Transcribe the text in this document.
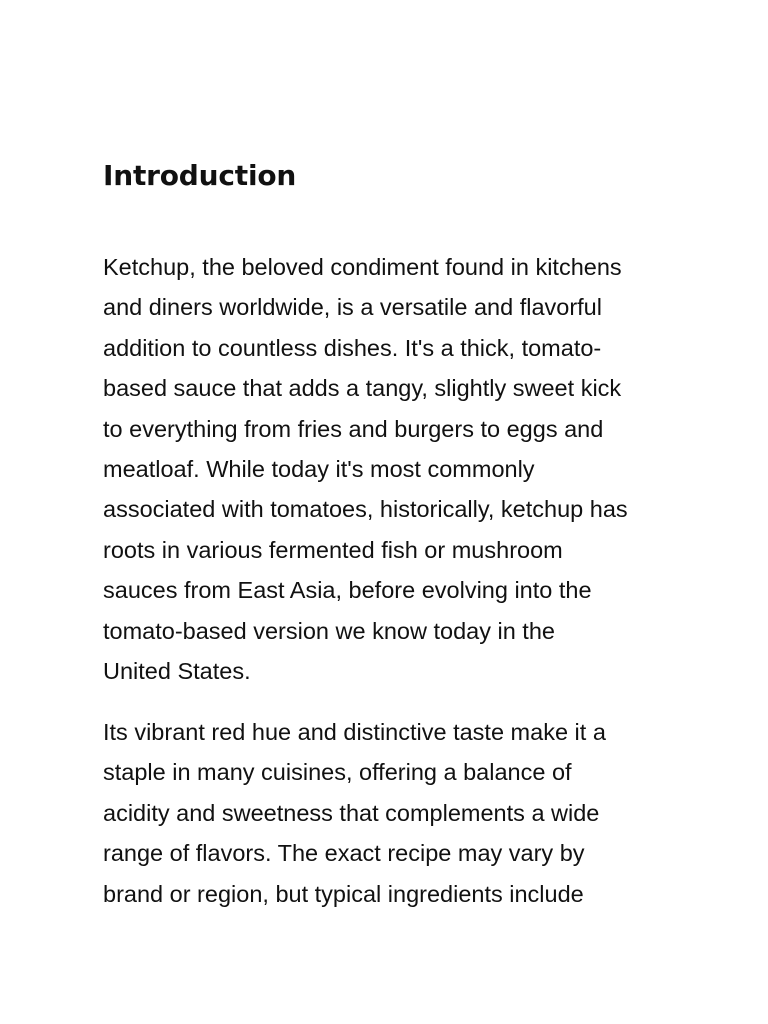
Introduction

Ketchup, the beloved condiment found in kitchens
and diners worldwide, is a versatile and flavorful
addition to countless dishes. It's a thick, tomato-
based sauce that adds a tangy, slightly sweet kick
to everything from fries and burgers to eggs and
meatloaf. While today it's most commonly
associated with tomatoes, historically, ketchup has
roots in various fermented fish or mushroom
sauces from East Asia, before evolving into the
tomato-based version we know today in the
United States.

Its vibrant red hue and distinctive taste make it a
staple in many cuisines, offering a balance of
acidity and sweetness that complements a wide
range of flavors. The exact recipe may vary by
brand or region, but typical ingredients include
